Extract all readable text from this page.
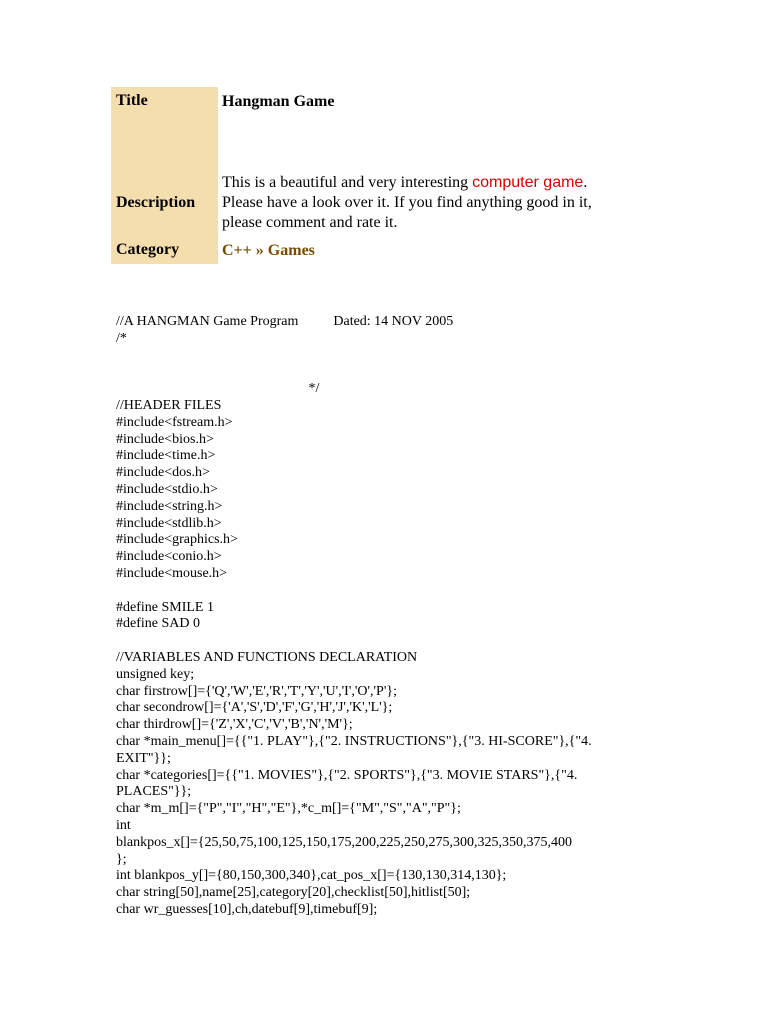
Title
Description
Category
Hangman Game
This is a beautiful and very interesting computer game. Please have a look over it. If you find anything good in it, please comment and rate it.
C++ » Games
//A HANGMAN Game Program          Dated: 14 NOV 2005
/*
*/
//HEADER FILES
#include<fstream.h>
#include<bios.h>
#include<time.h>
#include<dos.h>
#include<stdio.h>
#include<string.h>
#include<stdlib.h>
#include<graphics.h>
#include<conio.h>
#include<mouse.h>
#define SMILE 1
#define SAD 0
//VARIABLES AND FUNCTIONS DECLARATION
unsigned key;
char firstrow[]={'Q','W','E','R','T','Y','U','I','O','P'};
char secondrow[]={'A','S','D','F','G','H','J','K','L'};
char thirdrow[]={'Z','X','C','V','B','N','M'};
char *main_menu[]={{"1. PLAY"},{"2. INSTRUCTIONS"},{"3. HI-SCORE"},{"4.
EXIT"}};
char *categories[]={{"1. MOVIES"},{"2. SPORTS"},{"3. MOVIE STARS"},{"4.
PLACES"}};
char *m_m[]={"P","I","H","E"},*c_m[]={"M","S","A","P"};
int
blankpos_x[]={25,50,75,100,125,150,175,200,225,250,275,300,325,350,375,400
};
int blankpos_y[]={80,150,300,340},cat_pos_x[]={130,130,314,130};
char string[50],name[25],category[20],checklist[50],hitlist[50];
char wr_guesses[10],ch,datebuf[9],timebuf[9];
